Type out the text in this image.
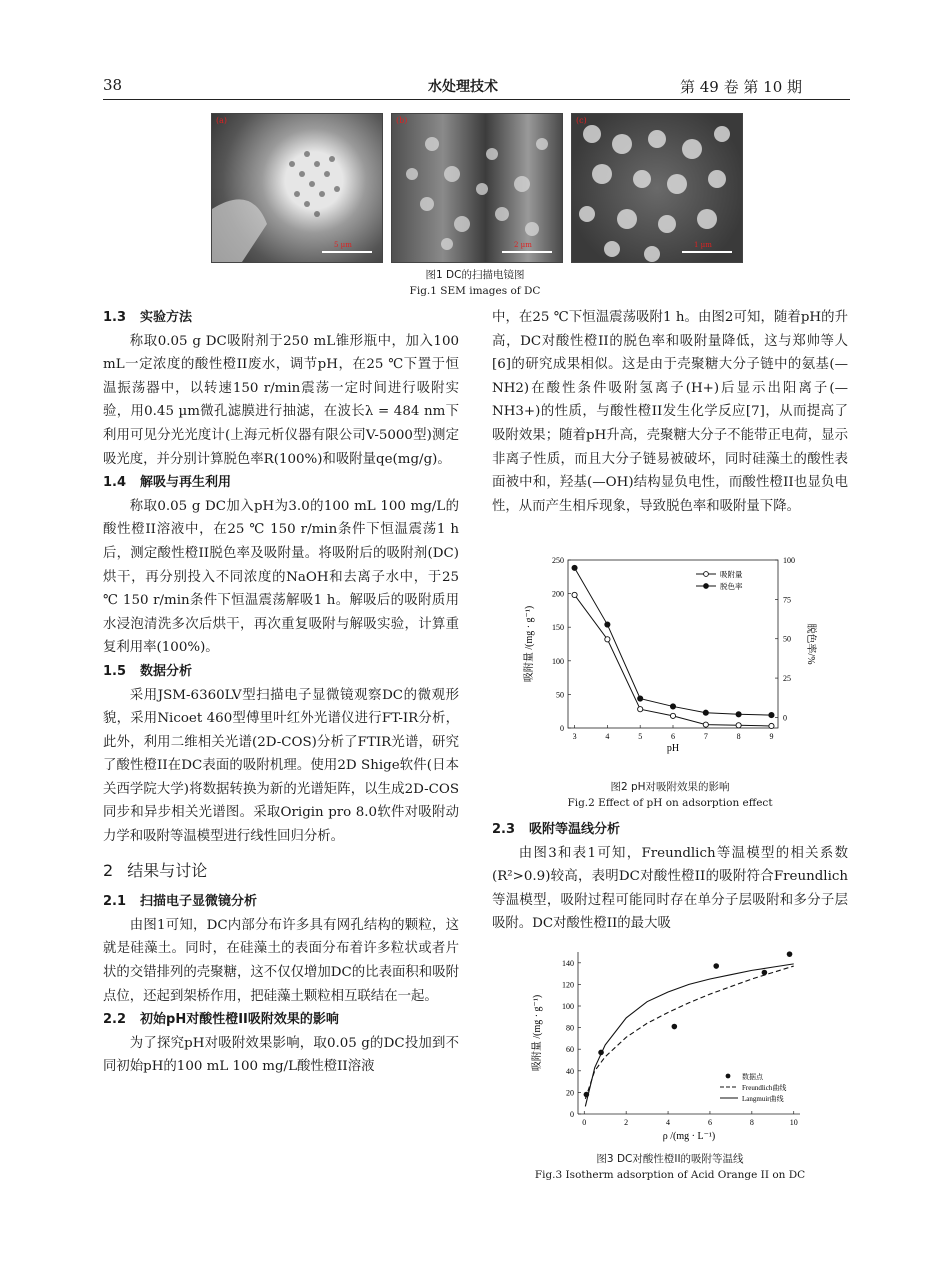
38	水处理技术	第 49 卷 第 10 期
(a)
5 µm
(b)
2 µm
(c)
1 µm
图1 DC的扫描电镜图
Fig.1 SEM images of DC
1.3 实验方法

称取0.05 g DC吸附剂于250 mL锥形瓶中，加入100 mL一定浓度的酸性橙II废水，调节pH，在25 ℃下置于恒温振荡器中，以转速150 r/min震荡一定时间进行吸附实验，用0.45 µm微孔滤膜进行抽滤，在波长λ = 484 nm下利用可见分光光度计(上海元析仪器有限公司V-5000型)测定吸光度，并分别计算脱色率R(100%)和吸附量qe(mg/g)。

1.4 解吸与再生利用

称取0.05 g DC加入pH为3.0的100 mL 100 mg/L的酸性橙II溶液中，在25 ℃ 150 r/min条件下恒温震荡1 h后，测定酸性橙II脱色率及吸附量。将吸附后的吸附剂(DC)烘干，再分别投入不同浓度的NaOH和去离子水中，于25 ℃ 150 r/min条件下恒温震荡解吸1 h。解吸后的吸附质用水浸泡清洗多次后烘干，再次重复吸附与解吸实验，计算重复利用率(100%)。

1.5 数据分析

采用JSM-6360LV型扫描电子显微镜观察DC的微观形貌，采用Nicoet 460型傅里叶红外光谱仪进行FT-IR分析，此外，利用二维相关光谱(2D-COS)分析了FTIR光谱，研究了酸性橙II在DC表面的吸附机理。使用2D Shige软件(日本关西学院大学)将数据转换为新的光谱矩阵，以生成2D-COS同步和异步相关光谱图。采取Origin pro 8.0软件对吸附动力学和吸附等温模型进行线性回归分析。

2 结果与讨论
2.1 扫描电子显微镜分析

由图1可知，DC内部分布许多具有网孔结构的颗粒，这就是硅藻土。同时，在硅藻土的表面分布着许多粒状或者片状的交错排列的壳聚糖，这不仅仅增加DC的比表面积和吸附点位，还起到架桥作用，把硅藻土颗粒相互联结在一起。

2.2 初始pH对酸性橙II吸附效果的影响

为了探究pH对吸附效果影响，取0.05 g的DC投加到不同初始pH的100 mL 100 mg/L酸性橙II溶液

中，在25 ℃下恒温震荡吸附1 h。由图2可知，随着pH的升高，DC对酸性橙II的脱色率和吸附量降低，这与郑帅等人[6]的研究成果相似。这是由于壳聚糖大分子链中的氨基(—NH2)在酸性条件吸附氢离子(H+)后显示出阳离子(—NH3+)的性质，与酸性橙II发生化学反应[7]，从而提高了吸附效果；随着pH升高，壳聚糖大分子不能带正电荷，显示非离子性质，而且大分子链易被破坏，同时硅藻土的酸性表面被中和，羟基(—OH)结构显负电性，而酸性橙II也显负电性，从而产生相斥现象，导致脱色率和吸附量下降。

3	4	5	6	7	8	9
0
50
100
150
200
250
0
25
50
75
100
pH
吸附量 /(mg · g⁻¹)	脱色率/%
吸附量
脱色率
图2 pH对吸附效果的影响
Fig.2 Effect of pH on adsorption effect
2.3 吸附等温线分析

由图3和表1可知，Freundlich等温模型的相关系数(R²>0.9)较高，表明DC对酸性橙II的吸附符合Freundlich等温模型，吸附过程可能同时存在单分子层吸附和多分子层吸附。DC对酸性橙II的最大吸

0	2	4	6	8	10
0
20
40
60
80
100
120
140
ρ /(mg · L⁻¹)
吸附量 /(mg · g⁻¹)
数据点
Freundlich曲线
Langmuir曲线
图3 DC对酸性橙II的吸附等温线
Fig.3 Isotherm adsorption of Acid Orange II on DC
